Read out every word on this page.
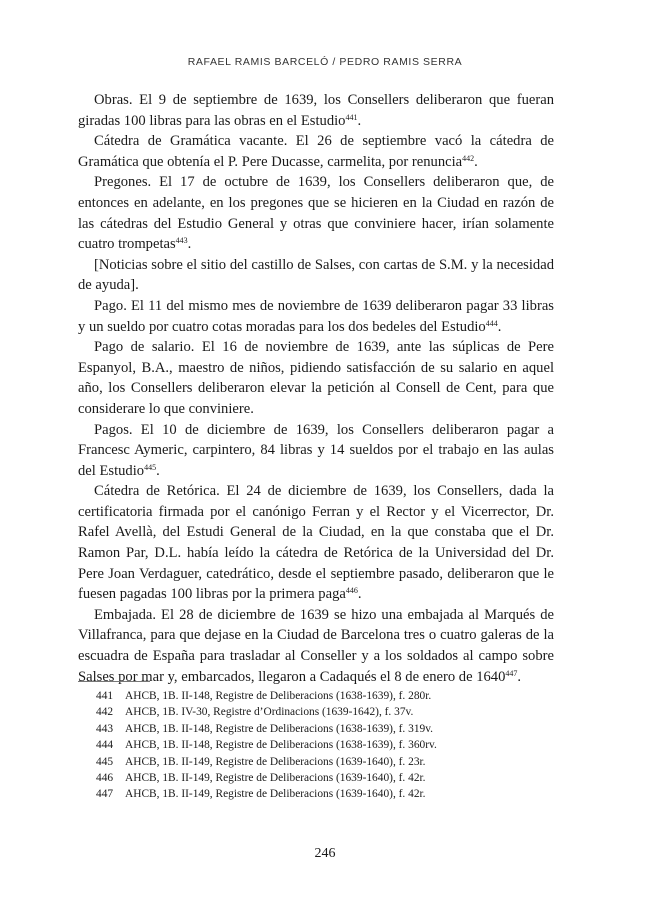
RAFAEL RAMIS BARCELÓ / PEDRO RAMIS SERRA

Obras. El 9 de septiembre de 1639, los Consellers deliberaron que fueran giradas 100 libras para las obras en el Estudio$^{441}$.

Cátedra de Gramática vacante. El 26 de septiembre vacó la cátedra de Gramática que obtenía el P. Pere Ducasse, carmelita, por renuncia$^{442}$.

Pregones. El 17 de octubre de 1639, los Consellers deliberaron que, de entonces en adelante, en los pregones que se hicieren en la Ciudad en razón de las cátedras del Estudio General y otras que conviniere hacer, irían solamente cuatro trompetas$^{443}$.

[Noticias sobre el sitio del castillo de Salses, con cartas de S.M. y la necesidad de ayuda].

Pago. El 11 del mismo mes de noviembre de 1639 deliberaron pagar 33 libras y un sueldo por cuatro cotas moradas para los dos bedeles del Estudio$^{444}$.

Pago de salario. El 16 de noviembre de 1639, ante las súplicas de Pere Espanyol, B.A., maestro de niños, pidiendo satisfacción de su salario en aquel año, los Consellers deliberaron elevar la petición al Consell de Cent, para que considerare lo que conviniere.

Pagos. El 10 de diciembre de 1639, los Consellers deliberaron pagar a Francesc Aymeric, carpintero, 84 libras y 14 sueldos por el trabajo en las aulas del Estudio$^{445}$.

Cátedra de Retórica. El 24 de diciembre de 1639, los Consellers, dada la certificatoria firmada por el canónigo Ferran y el Rector y el Vicerrector, Dr. Rafel Avellà, del Estudi General de la Ciudad, en la que constaba que el Dr. Ramon Par, D.L. había leído la cátedra de Retórica de la Universidad del Dr. Pere Joan Verdaguer, catedrático, desde el septiembre pasado, deliberaron que le fuesen pagadas 100 libras por la primera paga$^{446}$.

Embajada. El 28 de diciembre de 1639 se hizo una embajada al Marqués de Villafranca, para que dejase en la Ciudad de Barcelona tres o cuatro galeras de la escuadra de España para trasladar al Conseller y a los soldados al campo sobre Salses por mar y, embarcados, llegaron a Cadaqués el 8 de enero de 1640$^{447}$.

441	AHCB, 1B. II-148, Registre de Deliberacions (1638-1639), f. 280r.
442	AHCB, 1B. IV-30, Registre d’Ordinacions (1639-1642), f. 37v.
443	AHCB, 1B. II-148, Registre de Deliberacions (1638-1639), f. 319v.
444	AHCB, 1B. II-148, Registre de Deliberacions (1638-1639), f. 360rv.
445	AHCB, 1B. II-149, Registre de Deliberacions (1639-1640), f. 23r.
446	AHCB, 1B. II-149, Registre de Deliberacions (1639-1640), f. 42r.
447	AHCB, 1B. II-149, Registre de Deliberacions (1639-1640), f. 42r.
246
